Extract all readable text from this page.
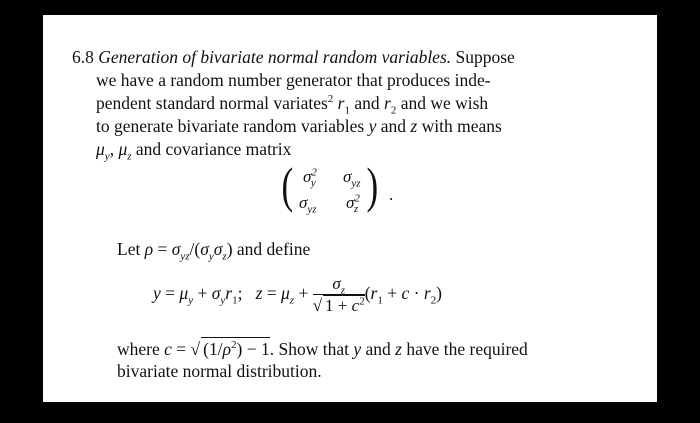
6.8 Generation of bivariate normal random variables. Suppose
we have a random number generator that produces inde-
pendent standard normal variates$^2$ $r_1$ and $r_2$ and we wish
to generate bivariate random variables y and z with means
$\mu_y$, $\mu_z$ and covariance matrix
( $\sigma^2_y$ $\sigma_{yz}$
$\sigma_{yz}$ $\sigma^2_z$ ) .
Let $\rho = \sigma_{yz}/(\sigma_y\sigma_z)$ and define
$y = \mu_y + \sigma_yr_1$;   $z = \mu_z + \frac{\sigma_z}{√ 1 + c^2} (r_1 + c \cdot r_2)$
where c = √ $(1/\rho^2) - 1$. Show that y and z have the required
bivariate normal distribution.
